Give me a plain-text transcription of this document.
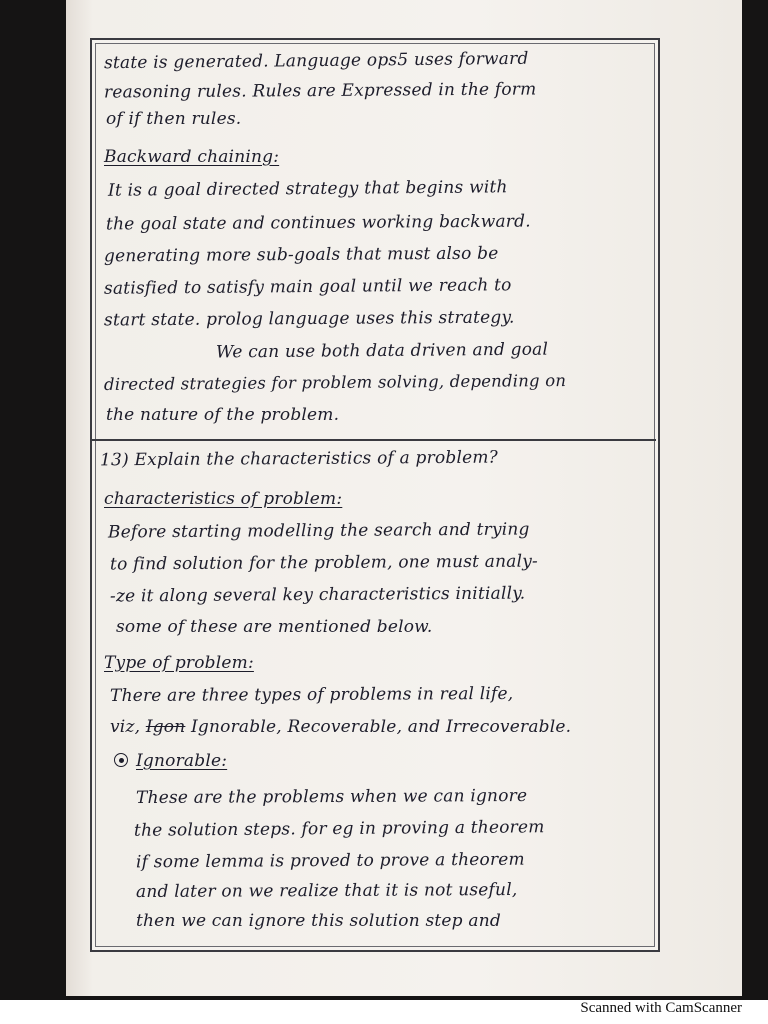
state is generated. Language ops5 uses forward
reasoning rules. Rules are Expressed in the form
of if then rules.
Backward chaining:
It is a goal directed strategy that begins with
the goal state and continues working backward.
generating more sub-goals that must also be
satisfied to satisfy main goal until we reach to
start state. prolog language uses this strategy.
We can use both data driven and goal
directed strategies for problem solving, depending on
the nature of the problem.
13) Explain the characteristics of a problem?
characteristics of problem:
Before starting modelling the search and trying
to find solution for the problem, one must analy-
-ze it along several key characteristics initially.
some of these are mentioned below.
Type of problem:
There are three types of problems in real life,
viz, Igon Ignorable, Recoverable, and Irrecoverable.
Ignorable:
These are the problems when we can ignore
the solution steps. for eg in proving a theorem
if some lemma is proved to prove a theorem
and later on we realize that it is not useful,
then we can ignore this solution step and
Scanned with CamScanner
